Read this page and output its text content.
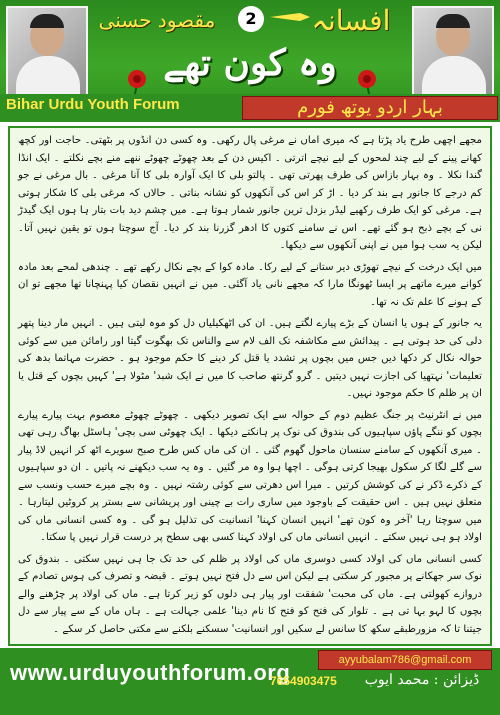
مقصود حسنی	2	افسانہ
وہ کون تھے
Bihar Urdu Youth Forum	بہار اردو یوتھ فورم

مجھے اچھی طرح یاد پڑتا ہے کہ میری اماں نے مرغی پال رکھی۔ وہ کسی دن انڈوں پر بٹھتی۔ حاجت اور کچھ کھانے پینے کے لیے چند لمحوں کے لیے نیچے اترتی ۔ اکیس دن کے بعد چھوٹے چھوٹے ننھے منے بچے نکلتے ۔ ایک انڈا گندا نکلا ۔ وہ بہار بازاس کی طرف پھرتی تھی ۔ پالتو بلی کا ایک آوارہ بلی کا آنا مرغی ۔ بال مرغی نے جو کم درجے کا جانور ہے بند کر دیا ۔ اڑ کر اس کی آنکھوں کو نشانہ بناتی ۔ حالاں کہ مرغی بلی کا شکار ہوتی ہے۔ مرغی کو ایک طرف رکھیے لیڈر بزدل ترین جانور شمار ہوتا ہے۔ میں چشم دید بات بتار ہا ہوں ایک گیدڑ نی کے بچے ذبح ہو گئے تھے۔ اس نے سامنے کتوں کا ادھر گزرنا بند کر دیا۔ آج سوچتا ہوں تو یقین نہیں آتا۔ لیکن یہ سب ہوا میں نے اپنی آنکھوں سے دیکھا۔

میں ایک درخت کے نیچے تھوڑی دیر ستانے کے لیے رکا۔ مادہ کوا کے بچے نکال رکھے تھے ۔ چندھی لمحے بعد مادہ کوانے میرے ماتھے پر ایسا ٹھونگا مارا کہ مجھے نانی یاد آگئی۔ میں نے انہیں نقصان کیا پہنچانا تھا مجھے تو ان کے ہونے کا علم تک نہ تھا۔

یہ جانور کے ہوں یا انسان کے بڑے پیارے لگتے ہیں۔ ان کی اٹھکیلیاں دل کو موہ لیتی ہیں ۔ انہیں مار دینا پتھر دلی کی حد ہوتی ہے ۔ پیدائش سے مکاشفہ تک الف لام سے والناس تک بھگوت گیتا اور رامائن میں سے کوئی حوالہ نکال کر دکھا دیں جس میں بچوں پر تشدد یا قتل کر دینے کا حکم موجود ہو ۔ حضرت مہاتما بدھ کی تعلیمات' نہتھیا کی اجازت نہیں دیتیں ۔ گرو گرنتھ صاحب کا میں نے ایک شبد' مٹولا ہے' کہیں بچوں کے قتل یا ان پر ظلم کا حکم موجود نہیں۔

میں نے انٹرنیٹ پر جنگ عظیم دوم کے حوالہ سے ایک تصویر دیکھی ۔ چھوٹے چھوٹے معصوم بہت پیارے پیارے بچوں کو ننگے پاؤں سپاہیوں کی بندوق کی نوک پر ہانکتے دیکھا ۔ ایک چھوٹی سی بچی' ہاسٹل بھاگ رہی تھی ۔ میری آنکھوں کے سامنے سنسان ماحول گھوم گئی ۔ ان کی ماں کس طرح صبح سویرے اٹھ کر انہیں لاڈ پیار سے گلے لگا کر سکول بھیجا کرتی ہوگی ۔ اچھا ہوا وہ مر گئیں ۔ وہ یہ سب دیکھنے نہ پاتیں ۔ ان دو سپاہیوں کے ذکرے ڈکر نے کی کوشش کرتیں ۔ میرا اس دھرتی سے کوئی رشتہ نہیں ۔ وہ بچے میرے حسب ونسب سے متعلق نہیں ہیں ۔ اس حقیقت کے باوجود میں ساری رات بے چینی اور پریشانی سے بستر پر کروٹیں لیتارہا ۔ میں سوچتا رہا 'آخر وہ کون تھے' انہیں انسان کہنا' انسانیت کی تذلیل ہو گی ۔ وہ کسی انسانی ماں کی اولاد ہو ہی نہیں سکتے ۔ انہیں انسانی ماں کی اولاد کہنا کسی بھی سطح پر درست قرار نہیں پا سکتا۔

کسی انسانی ماں کی اولاد کسی دوسری ماں کی اولاد پر ظلم کی حد تک جا ہی نہیں سکتی ۔ بندوق کی نوک سر جھکانے پر مجبور کر سکتی ہے لیکن اس سے دل فتح نہیں ہوتے ۔ قبضہ و تصرف کی ہوس تصادم کے دروازے کھولتی ہے۔ ماں کی محبت' شفقت اور پیار ہی دلوں کو زیر کرتا ہے۔ ماں کی اولاد پر چڑھنے والے بچوں کا لہو بہا تی ہے ۔ تلوار کی فتح کو فتح کا نام دینا' علمی جہالت ہے ۔ ہاں ماں کے سے پیار سے دل جیتنا تا کہ مزورطبقے سکھ کا سانس لے سکیں اور انسانیت' سسکنے بلکنے سے مکتی حاصل کر سکے ۔

www.urduyouthforum.org	ayyubalam786@gmail.com
7654903475	ڈیزائن : محمد ایوب
